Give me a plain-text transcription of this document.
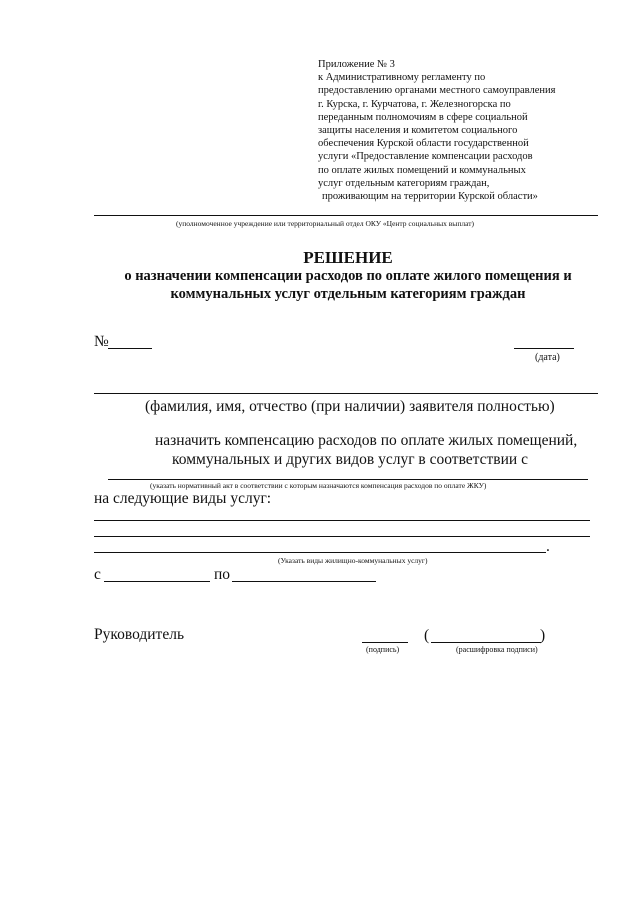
Приложение № 3
к Административному регламенту по
предоставлению органами местного самоуправления
г. Курска, г. Курчатова, г. Железногорска по
переданным полномочиям в сфере социальной
защиты населения и комитетом социального
обеспечения Курской области государственной
услуги «Предоставление компенсации расходов
по оплате жилых помещений и коммунальных
услуг отдельным категориям граждан,
проживающим на территории Курской области»
(уполномоченное учреждение или территориальный отдел ОКУ «Центр социальных выплат)
РЕШЕНИЕ
о назначении компенсации расходов по оплате жилого помещения и
коммунальных услуг отдельным категориям граждан
№
(дата)
(фамилия, имя, отчество (при наличии) заявителя полностью)
назначить компенсацию расходов по оплате жилых помещений,
коммунальных и других видов услуг в соответствии с
(указать нормативный акт в соответствии с которым назначаются компенсация расходов по оплате ЖКУ)
на следующие виды услуг:
.
(Указать виды жилищно-коммунальных услуг)
с	по
Руководитель
(подпись)
(	)
(расшифровка подписи)
